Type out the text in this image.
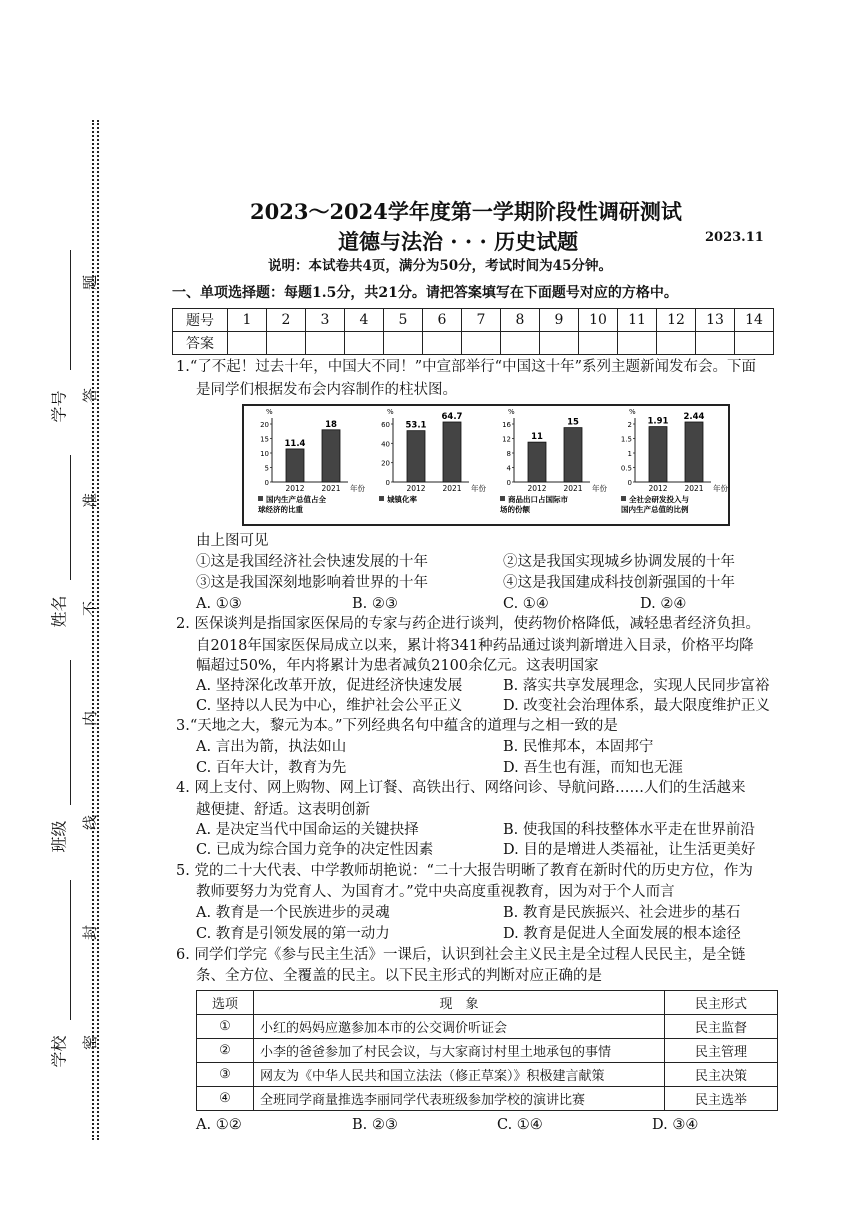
学号
姓名
班级
学校
题
答
准
不
内
线
封
密
2023～2024学年度第一学期阶段性调研测试
道德与法治 · · · 历史试题	2023.11
说明：本试卷共4页，满分为50分，考试时间为45分钟。
一、单项选择题：每题1.5分，共21分。请把答案填写在下面题号对应的方格中。
题号	1	2	3	4	5	6	7	8	9	10	11	12	13	14
答案														
1.“了不起！过去十年，中国大不同！”中宣部举行“中国这十年”系列主题新闻发布会。下面
是同学们根据发布会内容制作的柱状图。
%
20
15
10
5
0
11.4
2012
18
2021 年份
国内生产总值占全
球经济的比重
%
60
40
20
0
53.1
2012
64.7
2021 年份
城镇化率
%
16
12
8
4
0
11
2012
15
2021 年份
商品出口占国际市
场的份额
%
2
1.5
1
0.5
0
1.91
2012
2.44
2021 年份
全社会研发投入与
国内生产总值的比例
由上图可见
①这是我国经济社会快速发展的十年	②这是我国实现城乡协调发展的十年
③这是我国深刻地影响着世界的十年	④这是我国建成科技创新强国的十年
A. ①③	B. ②③	C. ①④	D. ②④
2. 医保谈判是指国家医保局的专家与药企进行谈判，使药物价格降低，减轻患者经济负担。
自2018年国家医保局成立以来，累计将341种药品通过谈判新增进入目录，价格平均降
幅超过50%，年内将累计为患者减负2100余亿元。这表明国家
A. 坚持深化改革开放，促进经济快速发展	B. 落实共享发展理念，实现人民同步富裕
C. 坚持以人民为中心，维护社会公平正义	D. 改变社会治理体系，最大限度维护正义
3.“天地之大，黎元为本。”下列经典名句中蕴含的道理与之相一致的是
A. 言出为箭，执法如山	B. 民惟邦本，本固邦宁
C. 百年大计，教育为先	D. 吾生也有涯，而知也无涯
4. 网上支付、网上购物、网上订餐、高铁出行、网络问诊、导航问路……人们的生活越来
越便捷、舒适。这表明创新
A. 是决定当代中国命运的关键抉择	B. 使我国的科技整体水平走在世界前沿
C. 已成为综合国力竞争的决定性因素	D. 目的是增进人类福祉，让生活更美好
5. 党的二十大代表、中学教师胡艳说：“二十大报告明晰了教育在新时代的历史方位，作为
教师要努力为党育人、为国育才。”党中央高度重视教育，因为对于个人而言
A. 教育是一个民族进步的灵魂	B. 教育是民族振兴、社会进步的基石
C. 教育是引领发展的第一动力	D. 教育是促进人全面发展的根本途径
6. 同学们学完《参与民主生活》一课后，认识到社会主义民主是全过程人民民主，是全链
条、全方位、全覆盖的民主。以下民主形式的判断对应正确的是
选项	现　象	民主形式
①	小红的妈妈应邀参加本市的公交调价听证会	民主监督
②	小李的爸爸参加了村民会议，与大家商讨村里土地承包的事情	民主管理
③	网友为《中华人民共和国立法法（修正草案）》积极建言献策	民主决策
④	全班同学商量推选李丽同学代表班级参加学校的演讲比赛	民主选举
A. ①②	B. ②③	C. ①④	D. ③④
